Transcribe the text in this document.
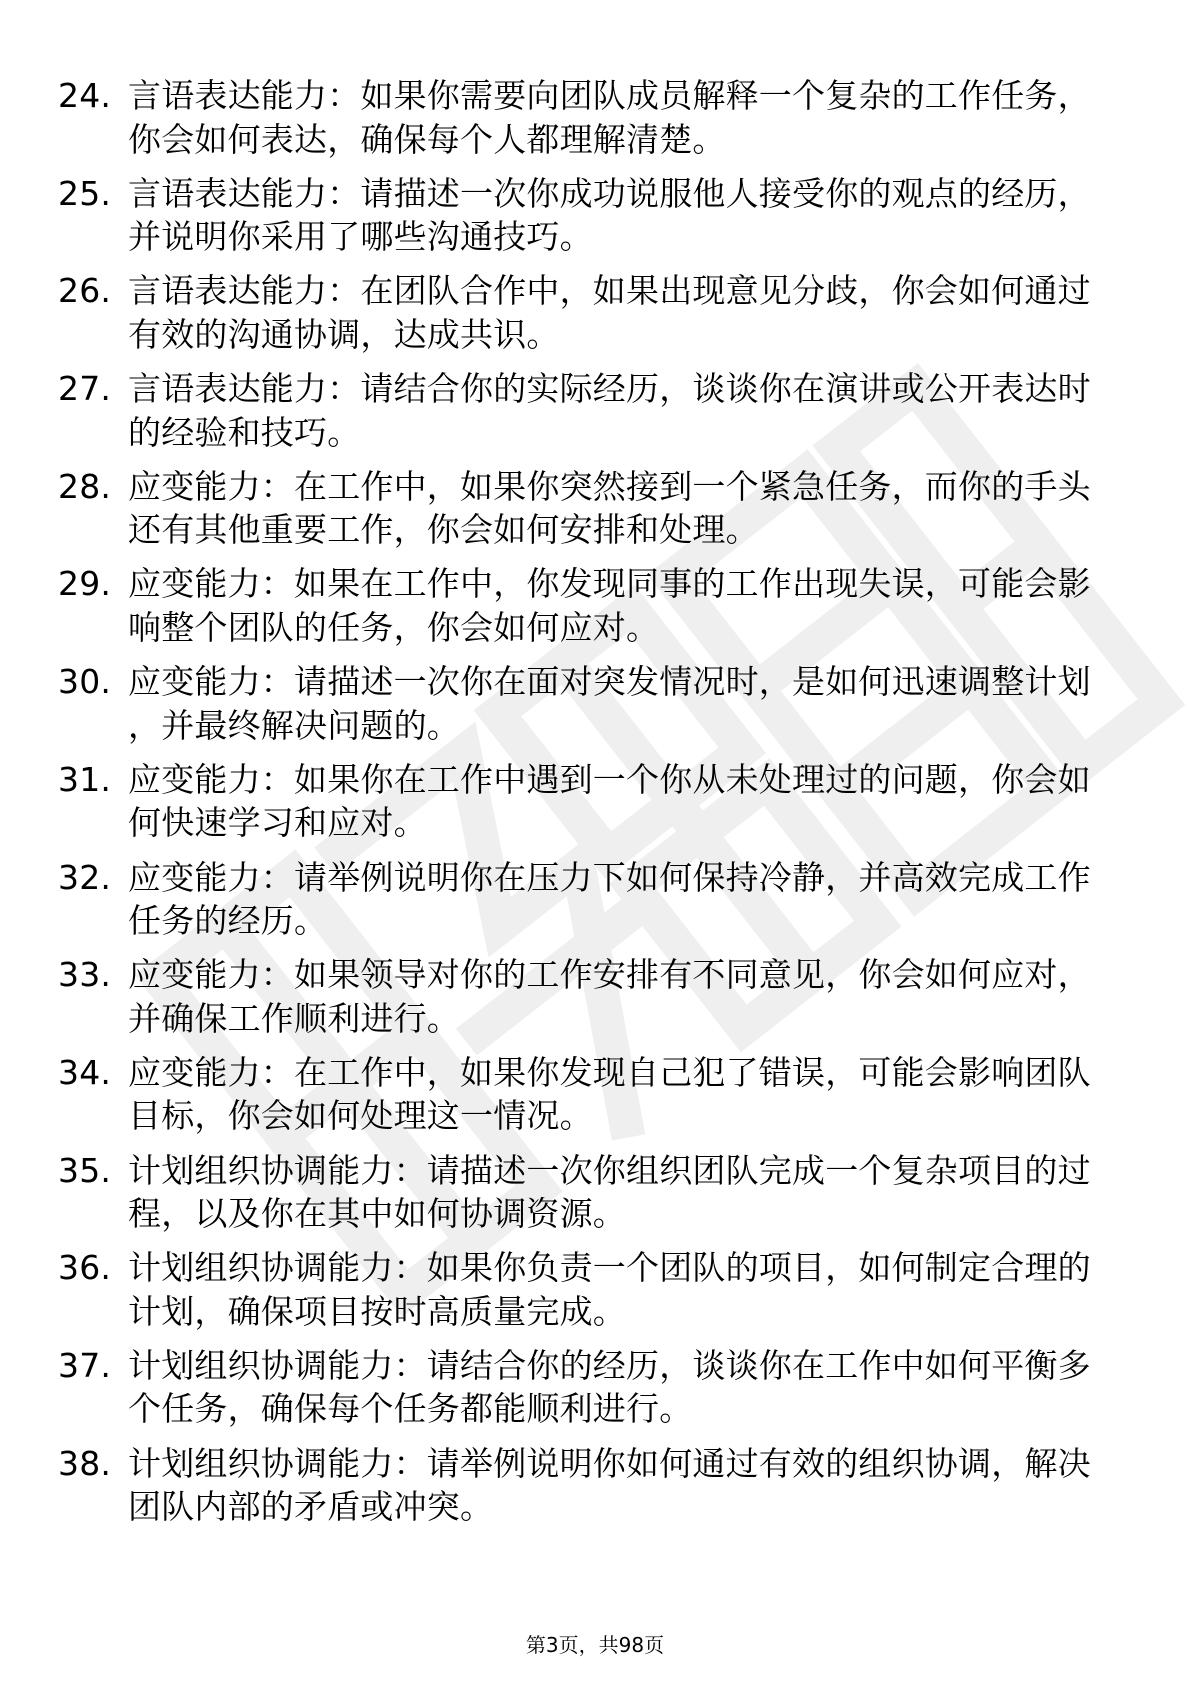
24. 言语表达能力：如果你需要向团队成员解释一个复杂的工作任务，你会如何表达，确保每个人都理解清楚。
25. 言语表达能力：请描述一次你成功说服他人接受你的观点的经历，并说明你采用了哪些沟通技巧。
26. 言语表达能力：在团队合作中，如果出现意见分歧，你会如何通过有效的沟通协调，达成共识。
27. 言语表达能力：请结合你的实际经历，谈谈你在演讲或公开表达时的经验和技巧。
28. 应变能力：在工作中，如果你突然接到一个紧急任务，而你的手头还有其他重要工作，你会如何安排和处理。
29. 应变能力：如果在工作中，你发现同事的工作出现失误，可能会影响整个团队的任务，你会如何应对。
30. 应变能力：请描述一次你在面对突发情况时，是如何迅速调整计划，并最终解决问题的。
31. 应变能力：如果你在工作中遇到一个你从未处理过的问题，你会如何快速学习和应对。
32. 应变能力：请举例说明你在压力下如何保持冷静，并高效完成工作任务的经历。
33. 应变能力：如果领导对你的工作安排有不同意见，你会如何应对，并确保工作顺利进行。
34. 应变能力：在工作中，如果你发现自己犯了错误，可能会影响团队目标，你会如何处理这一情况。
35. 计划组织协调能力：请描述一次你组织团队完成一个复杂项目的过程，以及你在其中如何协调资源。
36. 计划组织协调能力：如果你负责一个团队的项目，如何制定合理的计划，确保项目按时高质量完成。
37. 计划组织协调能力：请结合你的经历，谈谈你在工作中如何平衡多个任务，确保每个任务都能顺利进行。
38. 计划组织协调能力：请举例说明你如何通过有效的组织协调，解决团队内部的矛盾或冲突。
第3页，共98页
